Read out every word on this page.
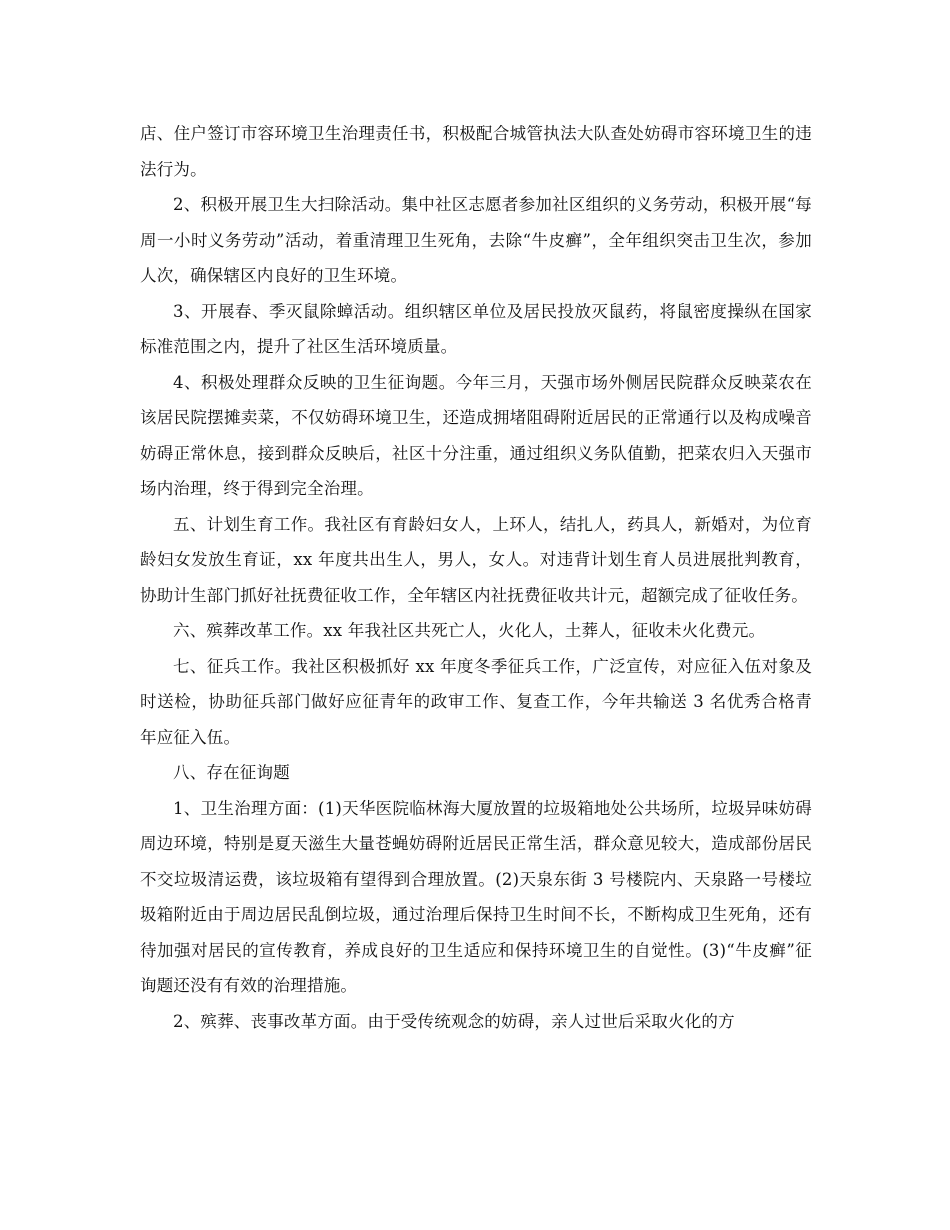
店、住户签订市容环境卫生治理责任书，积极配合城管执法大队查处妨碍市容环境卫生的违法行为。

2、积极开展卫生大扫除活动。集中社区志愿者参加社区组织的义务劳动，积极开展“每周一小时义务劳动”活动，着重清理卫生死角，去除“牛皮癣”，全年组织突击卫生次，参加人次，确保辖区内良好的卫生环境。

3、开展春、季灭鼠除蟑活动。组织辖区单位及居民投放灭鼠药，将鼠密度操纵在国家标准范围之内，提升了社区生活环境质量。

4、积极处理群众反映的卫生征询题。今年三月，天强市场外侧居民院群众反映菜农在该居民院摆摊卖菜，不仅妨碍环境卫生，还造成拥堵阻碍附近居民的正常通行以及构成噪音妨碍正常休息，接到群众反映后，社区十分注重，通过组织义务队值勤，把菜农归入天强市场内治理，终于得到完全治理。

五、计划生育工作。我社区有育龄妇女人，上环人，结扎人，药具人，新婚对，为位育龄妇女发放生育证，xx 年度共出生人，男人，女人。对违背计划生育人员进展批判教育，协助计生部门抓好社抚费征收工作，全年辖区内社抚费征收共计元，超额完成了征收任务。

六、殡葬改革工作。xx 年我社区共死亡人，火化人，土葬人，征收未火化费元。

七、征兵工作。我社区积极抓好 xx 年度冬季征兵工作，广泛宣传，对应征入伍对象及时送检，协助征兵部门做好应征青年的政审工作、复查工作，今年共输送 3 名优秀合格青年应征入伍。

八、存在征询题

1、卫生治理方面：(1)天华医院临林海大厦放置的垃圾箱地处公共场所，垃圾异味妨碍周边环境，特别是夏天滋生大量苍蝇妨碍附近居民正常生活，群众意见较大，造成部份居民不交垃圾清运费，该垃圾箱有望得到合理放置。(2)天泉东街 3 号楼院内、天泉路一号楼垃圾箱附近由于周边居民乱倒垃圾，通过治理后保持卫生时间不长，不断构成卫生死角，还有待加强对居民的宣传教育，养成良好的卫生适应和保持环境卫生的自觉性。(3)“牛皮癣”征询题还没有有效的治理措施。

2、殡葬、丧事改革方面。由于受传统观念的妨碍，亲人过世后采取火化的方
